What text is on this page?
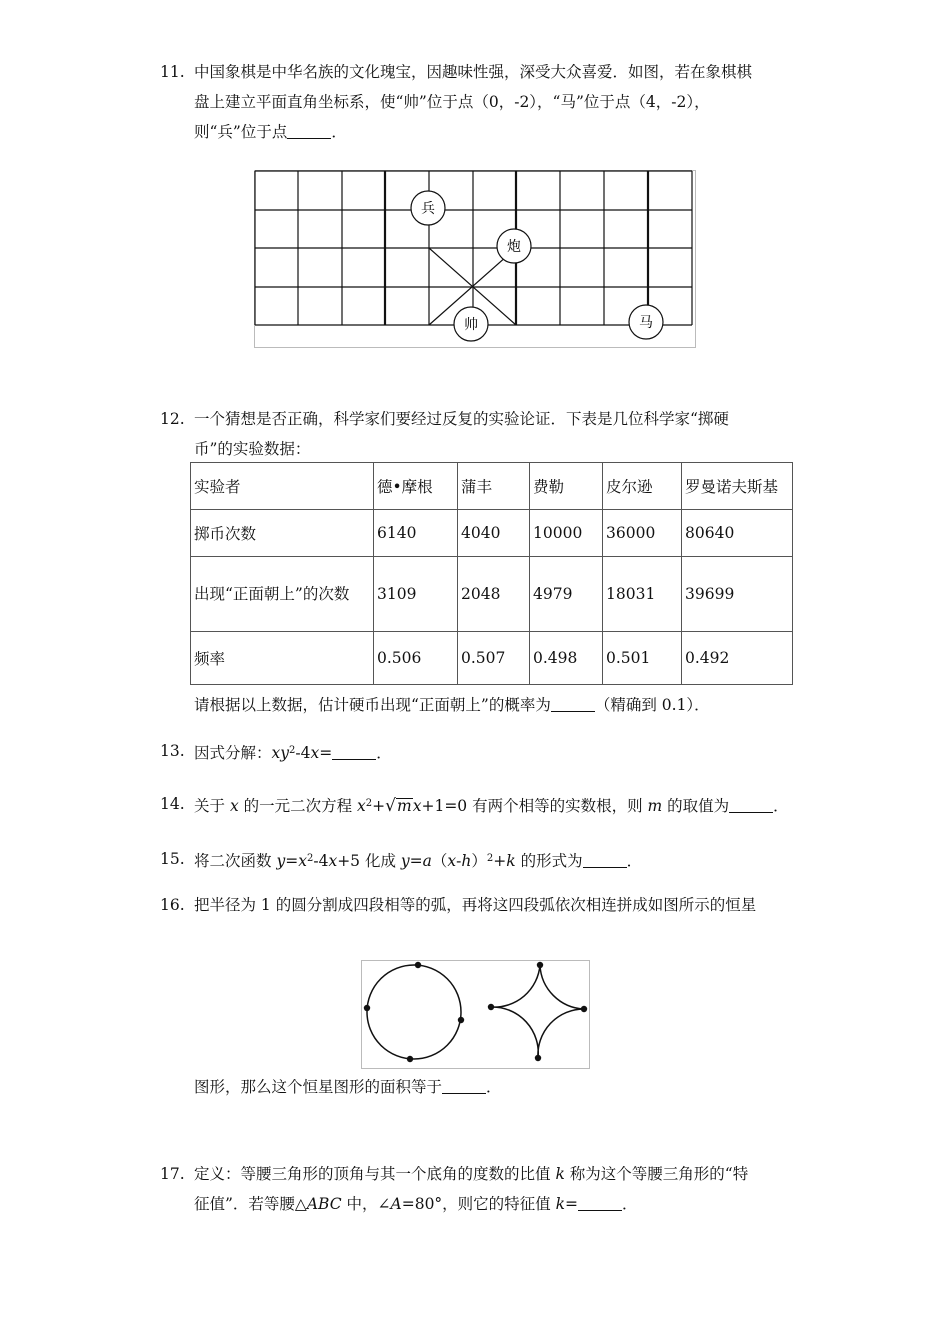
11. 中国象棋是中华名族的文化瑰宝，因趣味性强，深受大众喜爱．如图，若在象棋棋
盘上建立平面直角坐标系，使“帅”位于点（0，-2），“马”位于点（4，-2），
则“兵”位于点	．
兵
炮
帅	马
12. 一个猜想是否正确，科学家们要经过反复的实验论证．下表是几位科学家“掷硬
币”的实验数据：
实验者	德•摩根	蒲丰	费勒	皮尔逊	罗曼诺夫斯基
掷币次数	6140	4040	10000	36000	80640
出现“正面朝上”的次数	3109	2048	4979	18031	39699
频率	0.506	0.507	0.498	0.501	0.492
请根据以上数据，估计硬币出现“正面朝上”的概率为	（精确到 0.1）．
13. 因式分解：$xy^2-4x=$	．
14. 关于 x 的一元二次方程 $x^2+√mx+1=0$ 有两个相等的实数根，则 m 的取值为	．
15. 将二次函数 $y=x^2-4x+5$ 化成 $y=a(x-h)^2+k$ 的形式为	．
16. 把半径为 1 的圆分割成四段相等的弧，再将这四段弧依次相连拼成如图所示的恒星
图形，那么这个恒星图形的面积等于	．
17. 定义：等腰三角形的顶角与其一个底角的度数的比值 k 称为这个等腰三角形的“特
征值”．若等腰△ABC 中，∠A=80°，则它的特征值 k=	．
